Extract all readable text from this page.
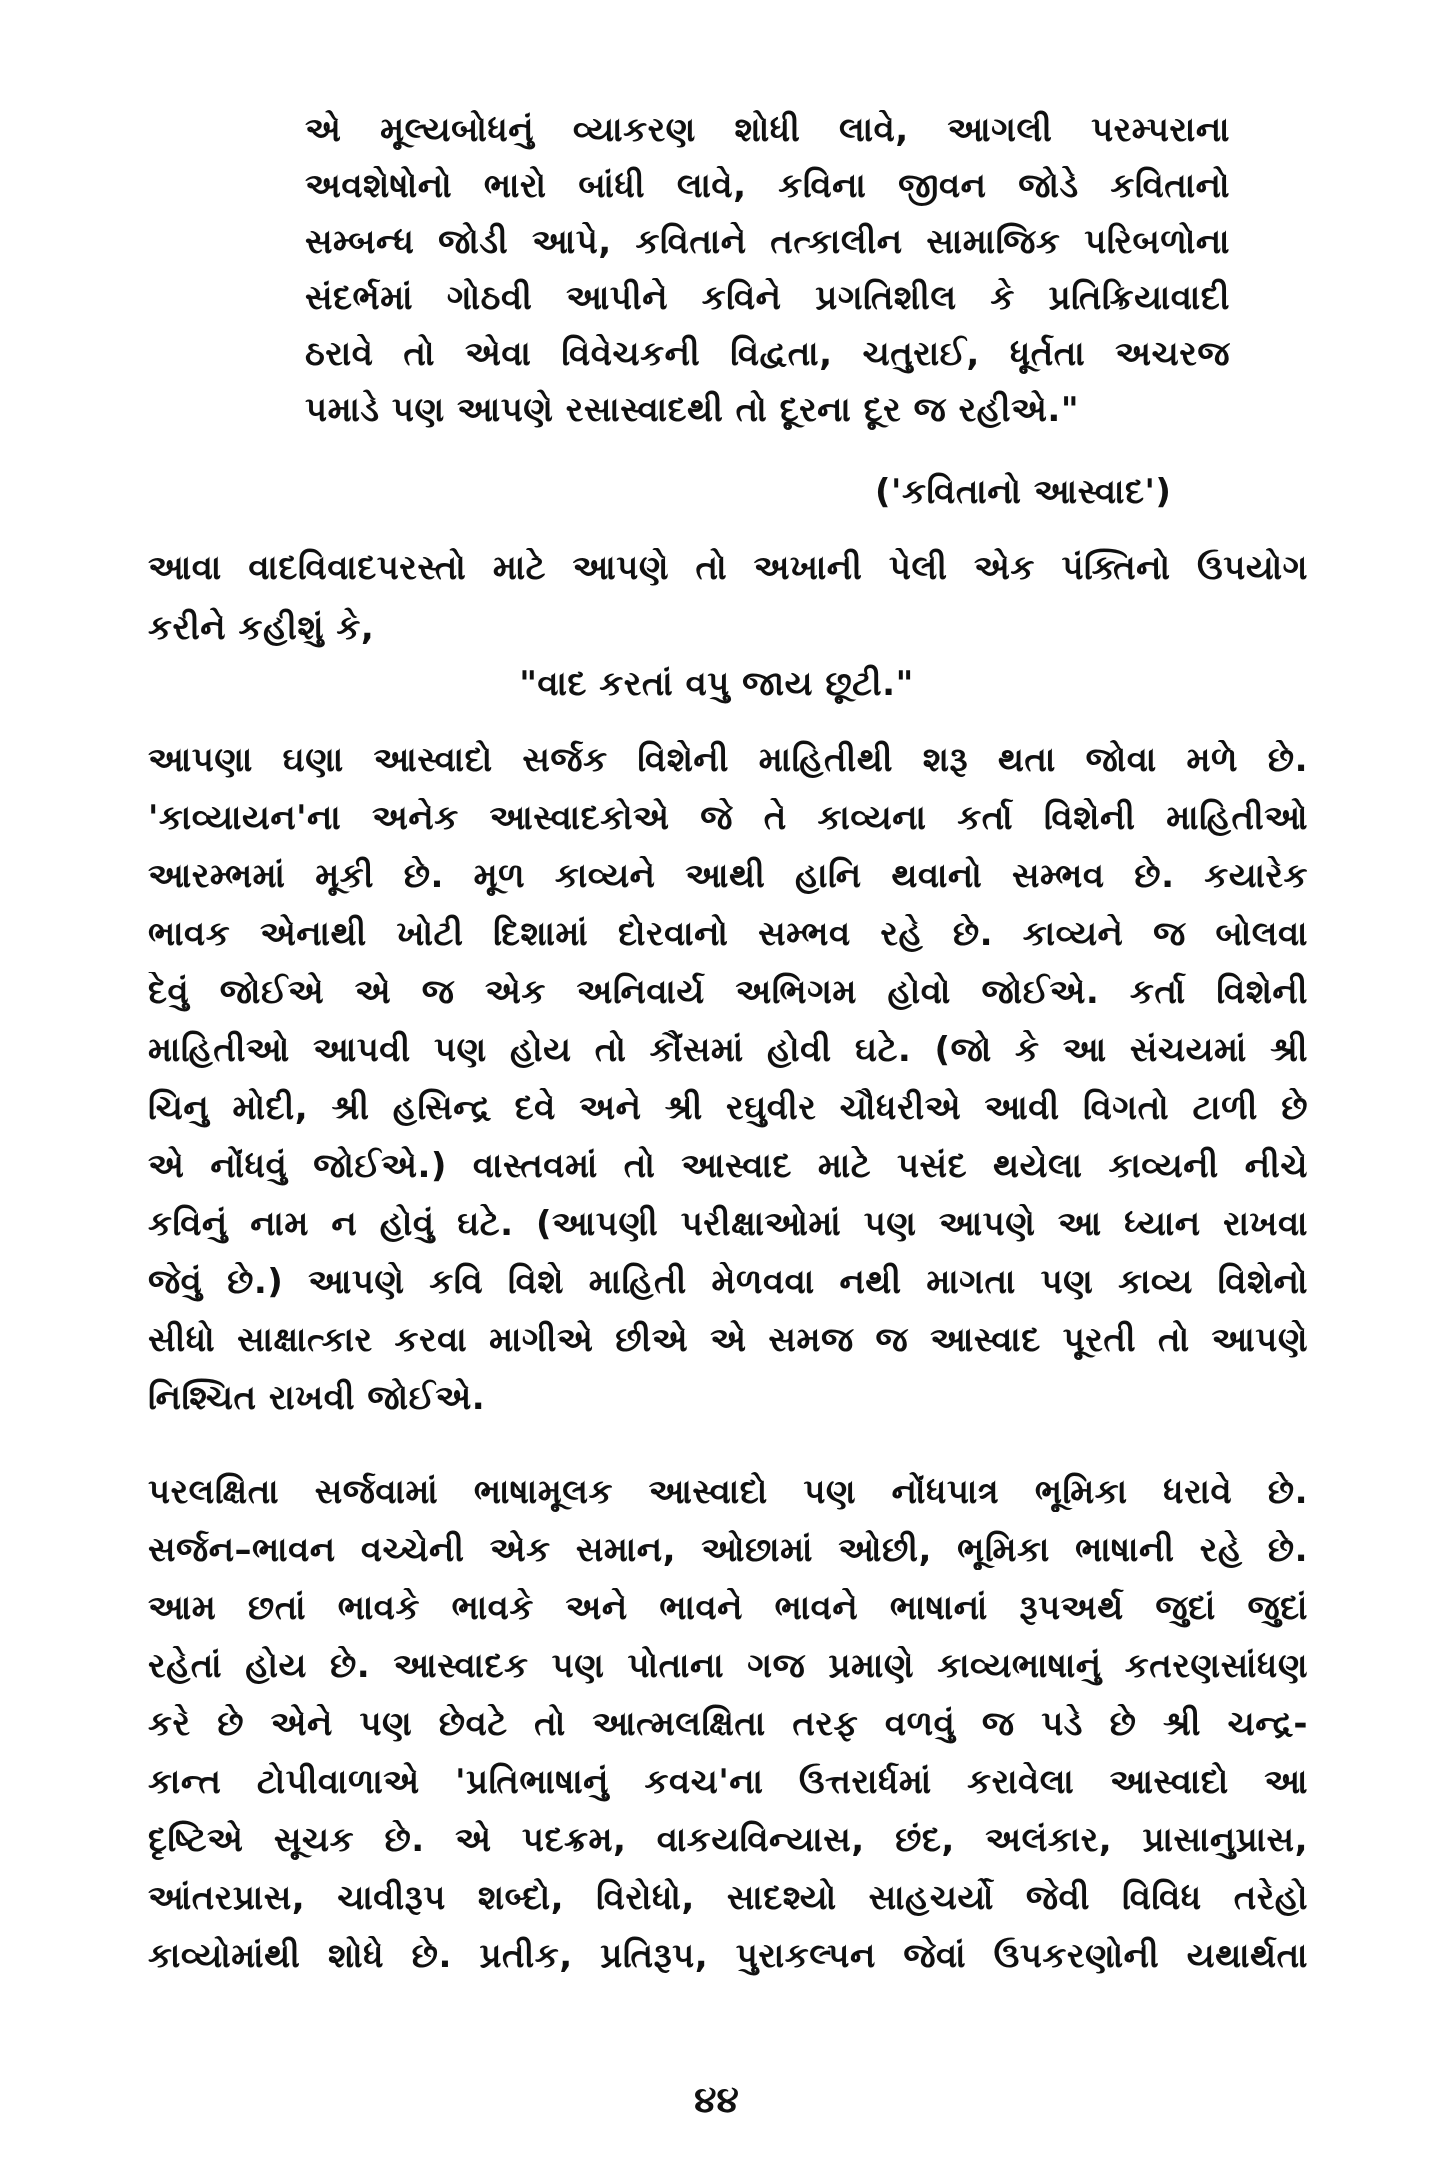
એ મૂલ્યબોધનું વ્યાકરણ શોધી લાવે, આગલી પરમ્પરાના
અવશેષોનો ભારો બાંધી લાવે, કવિના જીવન જોડે કવિતાનો
સમ્બન્ધ જોડી આપે, કવિતાને તત્કાલીન સામાજિક પરિબળોના
સંદર્ભમાં ગોઠવી આપીને કવિને પ્રગતિશીલ કે પ્રતિક્રિયાવાદી
ઠરાવે તો એવા વિવેચકની વિદ્વતા, ચતુરાઈ, ધૂર્તતા અચરજ
પમાડે પણ આપણે રસાસ્વાદથી તો દૂરના દૂર જ રહીએ."
('કવિતાનો આસ્વાદ')
આવા વાદવિવાદપરસ્તો માટે આપણે તો અખાની પેલી એક પંક્તિનો ઉપયોગ
કરીને કહીશું કે,
"વાદ કરતાં વપુ જાય છૂટી."
આપણા ઘણા આસ્વાદો સર્જક વિશેની માહિતીથી શરૂ થતા જોવા મળે છે.
'કાવ્યાયન'ના અનેક આસ્વાદકોએ જે તે કાવ્યના કર્તા વિશેની માહિતીઓ
આરમ્ભમાં મૂકી છે. મૂળ કાવ્યને આથી હાનિ થવાનો સમ્ભવ છે. કયારેક
ભાવક એનાથી ખોટી દિશામાં દોરવાનો સમ્ભવ રહે છે. કાવ્યને જ બોલવા
દેવું જોઈએ એ જ એક અનિવાર્ય અભિગમ હોવો જોઈએ. કર્તા વિશેની
માહિતીઓ આપવી પણ હોય તો કૌંસમાં હોવી ઘટે. (જો કે આ સંચયમાં શ્રી
ચિનુ મોદી, શ્રી હસિન્દ્ર દવે અને શ્રી રઘુવીર ચૌધરીએ આવી વિગતો ટાળી છે
એ નોંધવું જોઈએ.) વાસ્તવમાં તો આસ્વાદ માટે પસંદ થયેલા કાવ્યની નીચે
કવિનું નામ ન હોવું ઘટે. (આપણી પરીક્ષાઓમાં પણ આપણે આ ધ્યાન રાખવા
જેવું છે.) આપણે કવિ વિશે માહિતી મેળવવા નથી માગતા પણ કાવ્ય વિશેનો
સીધો સાક્ષાત્કાર કરવા માગીએ છીએ એ સમજ જ આસ્વાદ પૂરતી તો આપણે
નિશ્ચિત રાખવી જોઈએ.
પરલક્ષિતા સર્જવામાં ભાષામૂલક આસ્વાદો પણ નોંધપાત્ર ભૂમિકા ધરાવે છે.
સર્જન–ભાવન વચ્ચેની એક સમાન, ઓછામાં ઓછી, ભૂમિકા ભાષાની રહે છે.
આમ છતાં ભાવકે ભાવકે અને ભાવને ભાવને ભાષાનાં રૂપઅર્થ જુદાં જુદાં
રહેતાં હોય છે. આસ્વાદક પણ પોતાના ગજ પ્રમાણે કાવ્યભાષાનું કતરણસાંધણ
કરે છે એને પણ છેવટે તો આત્મલક્ષિતા તરફ વળવું જ પડે છે શ્રી ચન્દ્ર-
કાન્ત ટોપીવાળાએ 'પ્રતિભાષાનું કવચ'ના ઉત્તરાર્ધમાં કરાવેલા આસ્વાદો આ
દૃષ્ટિએ સૂચક છે. એ પદક્રમ, વાકયવિન્યાસ, છંદ, અલંકાર, પ્રાસાનુપ્રાસ,
આંતરપ્રાસ, ચાવીરૂપ શબ્દો, વિરોધો, સાદશ્યો સાહચર્યો જેવી વિવિધ તરેહો
કાવ્યોમાંથી શોધે છે. પ્રતીક, પ્રતિરૂપ, પુરાકલ્પન જેવાં ઉપકરણોની યથાર્થતા
૪૪
